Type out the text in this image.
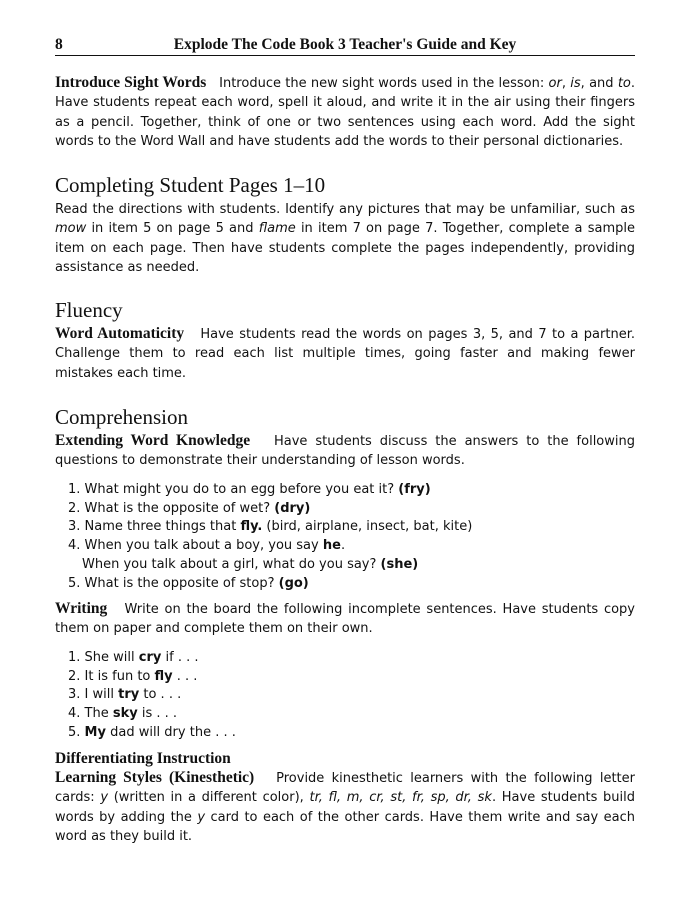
8	Explode The Code Book 3 Teacher's Guide and Key

Introduce Sight Words Introduce the new sight words used in the lesson: or, is, and to. Have students repeat each word, spell it aloud, and write it in the air using their fingers as a pencil. Together, think of one or two sentences using each word. Add the sight words to the Word Wall and have students add the words to their personal dictionaries.

Completing Student Pages 1–10

Read the directions with students. Identify any pictures that may be unfamiliar, such as mow in item 5 on page 5 and flame in item 7 on page 7. Together, complete a sample item on each page. Then have students complete the pages independently, providing assistance as needed.

Fluency

Word Automaticity Have students read the words on pages 3, 5, and 7 to a partner. Challenge them to read each list multiple times, going faster and making fewer mistakes each time.

Comprehension

Extending Word Knowledge Have students discuss the answers to the following questions to demonstrate their understanding of lesson words.

1. What might you do to an egg before you eat it? (fry)
2. What is the opposite of wet? (dry)
3. Name three things that fly. (bird, airplane, insect, bat, kite)
4. When you talk about a boy, you say he.
When you talk about a girl, what do you say? (she)
5. What is the opposite of stop? (go)

Writing Write on the board the following incomplete sentences. Have students copy them on paper and complete them on their own.

1. She will cry if . . .
2. It is fun to fly . . .
3. I will try to . . .
4. The sky is . . .
5. My dad will dry the . . .
Differentiating Instruction

Learning Styles (Kinesthetic) Provide kinesthetic learners with the following letter cards: y (written in a different color), tr, fl, m, cr, st, fr, sp, dr, sk. Have students build words by adding the y card to each of the other cards. Have them write and say each word as they build it.
